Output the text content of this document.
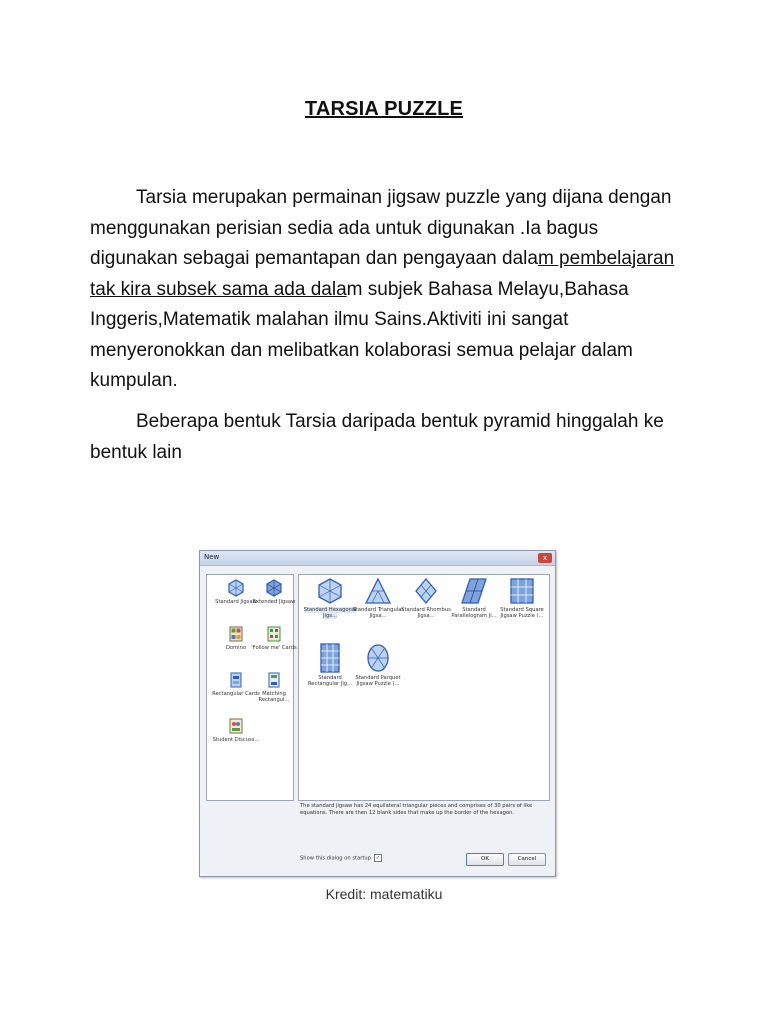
TARSIA PUZZLE

Tarsia merupakan permainan jigsaw puzzle yang dijana dengan menggunakan perisian sedia ada untuk digunakan .Ia bagus digunakan sebagai pemantapan dan pengayaan dalam pembelajaran tak kira subsek sama ada dalam subjek Bahasa Melayu,Bahasa Inggeris,Matematik malahan ilmu Sains.Aktiviti ini sangat menyeronokkan dan melibatkan kolaborasi semua pelajar dalam kumpulan.

Beberapa bentuk Tarsia daripada bentuk pyramid hinggalah ke bentuk lain

New	x
Standard Jigsaw
Extended Jigsaw
Domino 'Follow me' Cards
Rectangular Cards Matching Rectangul...
Student Discuss...
Standard Hexagonal Jigs...
Standard Triangular Jigsa...
Standard Rhombus Jigsa...
Standard Parallelogram Ji...
Standard Square Jigsaw Puzzle (...
Standard Rectangular Jig...
Standard Parquet Jigsaw Puzzle (...
The standard jigsaw has 24 equilateral triangular pieces and comprises of 30 pairs of like equations. There are then 12 blank sides that make up the border of the hexagon.
Show this dialog on startup ✓	OK	Cancel
Kredit: matematiku
